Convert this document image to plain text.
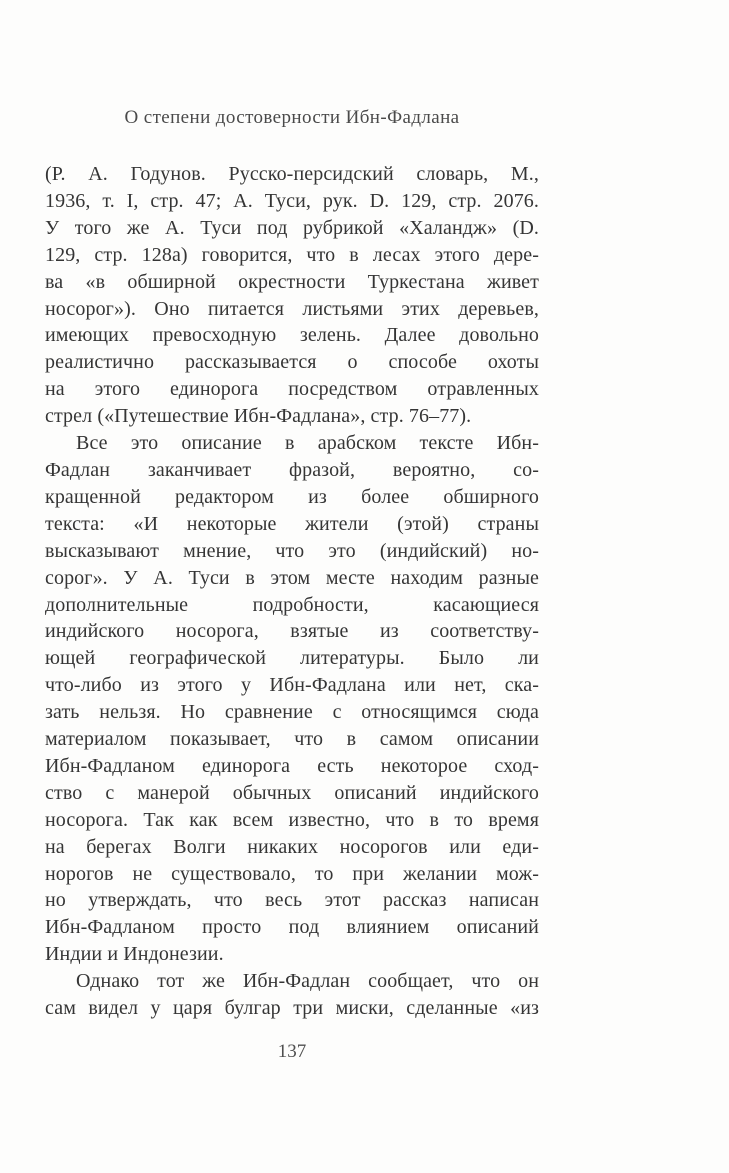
О степени достоверности Ибн-Фадлана
(Р. А. Годунов. Русско-персидский словарь, М.,
1936, т. I, стр. 47; А. Туси, рук. D. 129, стр. 2076.
У того же А. Туси под рубрикой «Халандж» (D.
129, стр. 128а) говорится, что в лесах этого дере-
ва «в обширной окрестности Туркестана живет
носорог»). Оно питается листьями этих деревьев,
имеющих превосходную зелень. Далее довольно
реалистично рассказывается о способе охоты
на этого единорога посредством отравленных
стрел («Путешествие Ибн-Фадлана», стр. 76–77).
Все это описание в арабском тексте Ибн-
Фадлан заканчивает фразой, вероятно, со-
кращенной редактором из более обширного
текста: «И некоторые жители (этой) страны
высказывают мнение, что это (индийский) но-
сорог». У А. Туси в этом месте находим разные
дополнительные подробности, касающиеся
индийского носорога, взятые из соответству-
ющей географической литературы. Было ли
что-либо из этого у Ибн-Фадлана или нет, ска-
зать нельзя. Но сравнение с относящимся сюда
материалом показывает, что в самом описании
Ибн-Фадланом единорога есть некоторое сход-
ство с манерой обычных описаний индийского
носорога. Так как всем известно, что в то время
на берегах Волги никаких носорогов или еди-
норогов не существовало, то при желании мож-
но утверждать, что весь этот рассказ написан
Ибн-Фадланом просто под влиянием описаний
Индии и Индонезии.
Однако тот же Ибн-Фадлан сообщает, что он
сам видел у царя булгар три миски, сделанные «из
137
